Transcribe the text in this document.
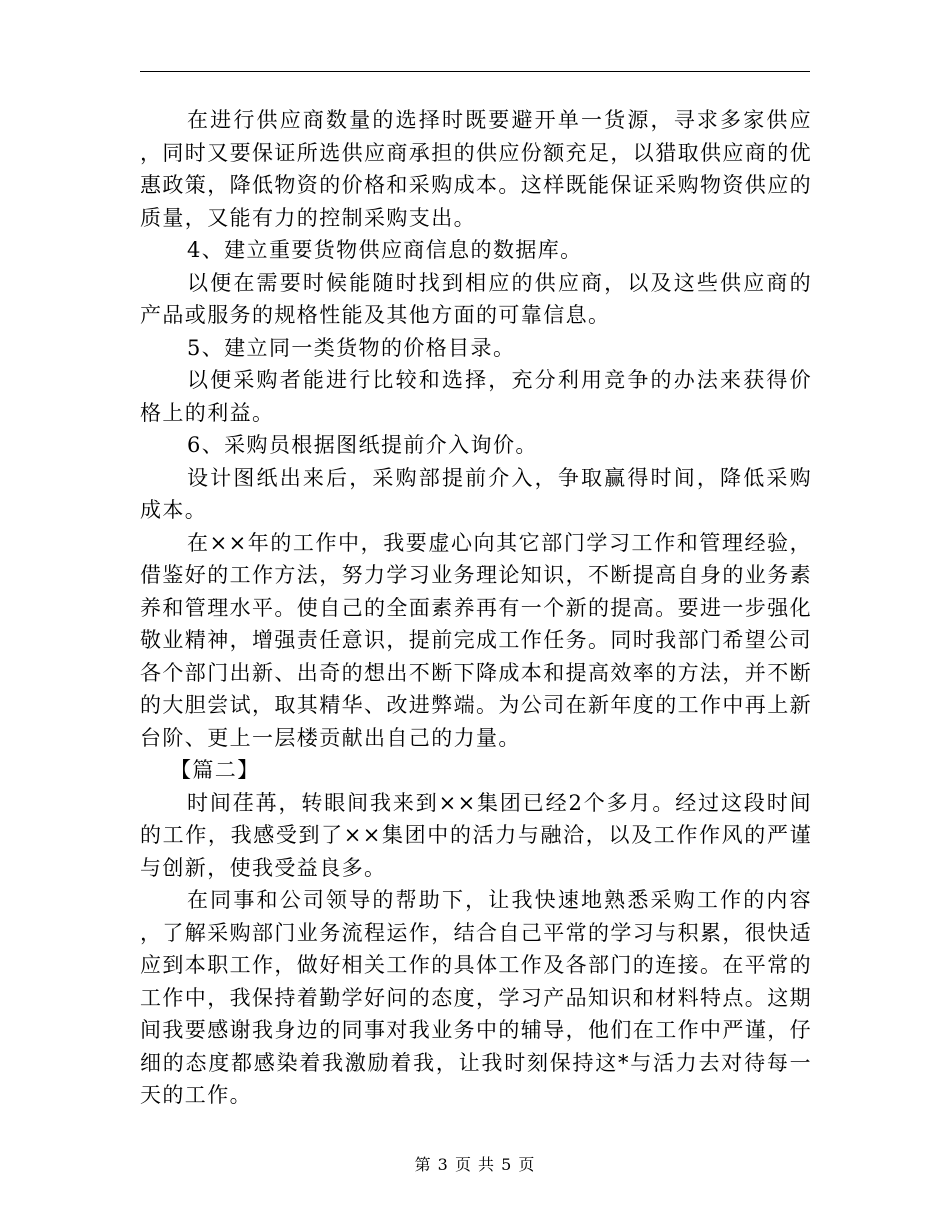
在进行供应商数量的选择时既要避开单一货源，寻求多家供应，同时又要保证所选供应商承担的供应份额充足，以猎取供应商的优惠政策，降低物资的价格和采购成本。这样既能保证采购物资供应的质量，又能有力的控制采购支出。

4、建立重要货物供应商信息的数据库。

以便在需要时候能随时找到相应的供应商，以及这些供应商的产品或服务的规格性能及其他方面的可靠信息。

5、建立同一类货物的价格目录。

以便采购者能进行比较和选择，充分利用竞争的办法来获得价格上的利益。

6、采购员根据图纸提前介入询价。

设计图纸出来后，采购部提前介入，争取赢得时间，降低采购成本。

在××年的工作中，我要虚心向其它部门学习工作和管理经验，借鉴好的工作方法，努力学习业务理论知识，不断提高自身的业务素养和管理水平。使自己的全面素养再有一个新的提高。要进一步强化敬业精神，增强责任意识，提前完成工作任务。同时我部门希望公司各个部门出新、出奇的想出不断下降成本和提高效率的方法，并不断的大胆尝试，取其精华、改进弊端。为公司在新年度的工作中再上新台阶、更上一层楼贡献出自己的力量。

【篇二】

时间荏苒，转眼间我来到××集团已经2个多月。经过这段时间的工作，我感受到了××集团中的活力与融洽，以及工作作风的严谨与创新，使我受益良多。

在同事和公司领导的帮助下，让我快速地熟悉采购工作的内容，了解采购部门业务流程运作，结合自己平常的学习与积累，很快适应到本职工作，做好相关工作的具体工作及各部门的连接。在平常的工作中，我保持着勤学好问的态度，学习产品知识和材料特点。这期间我要感谢我身边的同事对我业务中的辅导，他们在工作中严谨，仔细的态度都感染着我激励着我，让我时刻保持这*与活力去对待每一天的工作。

第 3 页 共 5 页
